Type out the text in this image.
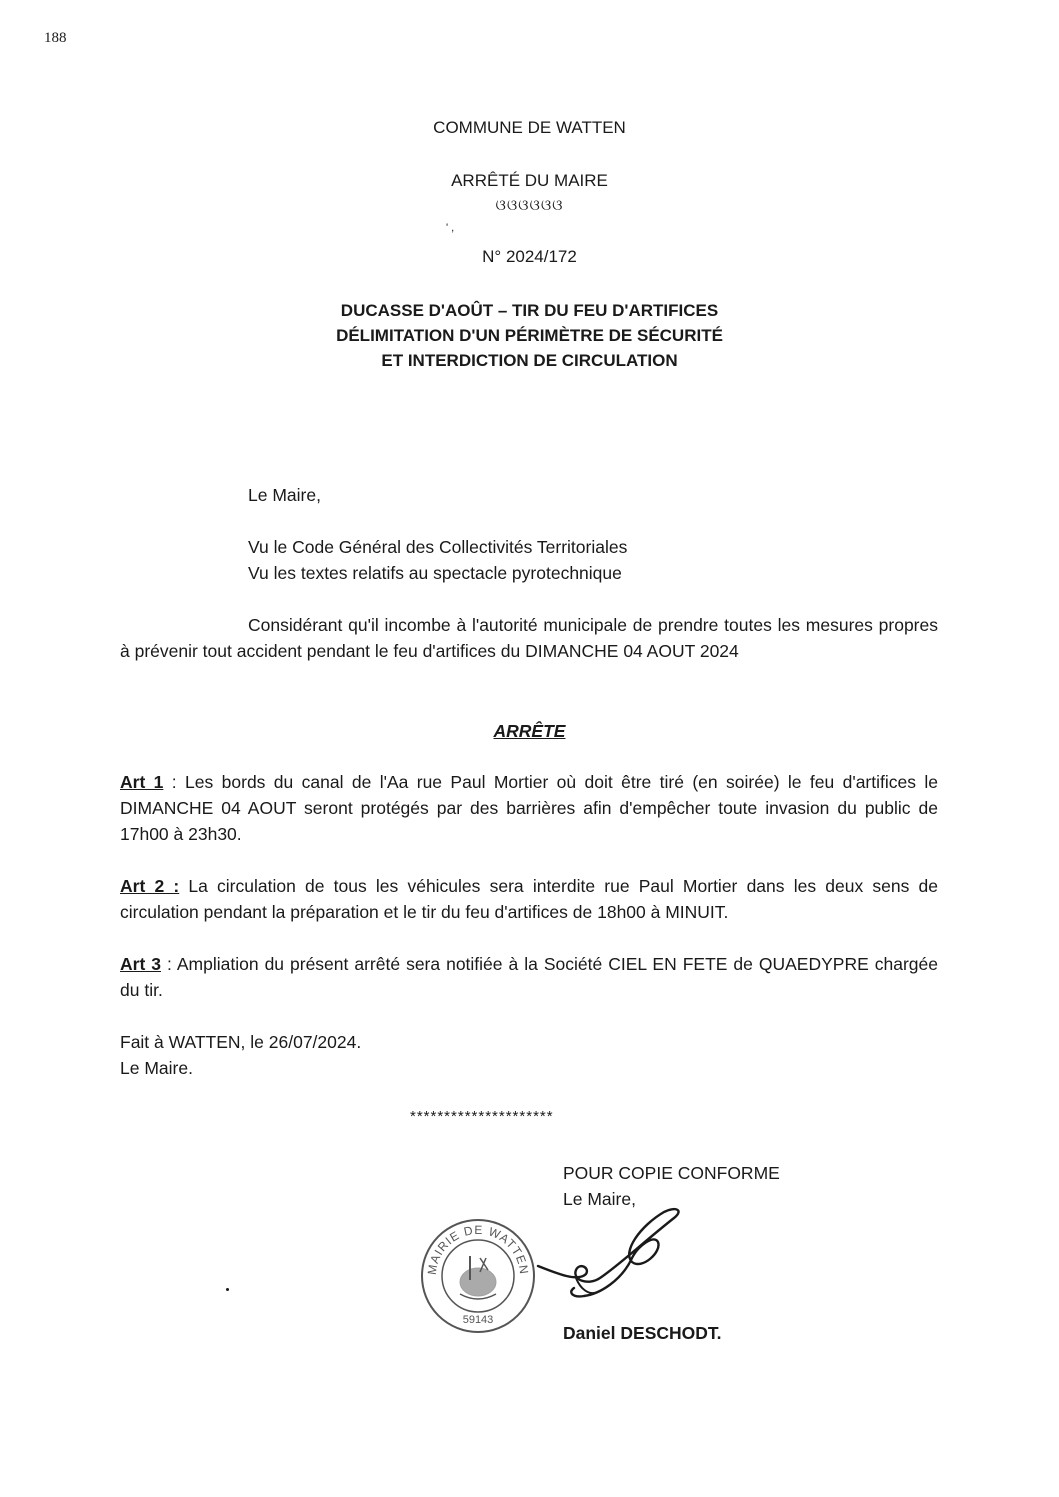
188
COMMUNE DE WATTEN
ARRÊTÉ DU MAIRE
ଓଓଓଓଓଓ
' ,
N° 2024/172
DUCASSE D'AOÛT – TIR DU FEU D'ARTIFICES
DÉLIMITATION D'UN PÉRIMÈTRE DE SÉCURITÉ
ET INTERDICTION DE CIRCULATION
Le Maire,
Vu le Code Général des Collectivités Territoriales
Vu les textes relatifs au spectacle pyrotechnique
Considérant qu'il incombe à l'autorité municipale de prendre toutes les mesures propres à prévenir tout accident pendant le feu d'artifices du DIMANCHE 04 AOUT 2024
ARRÊTE
Art 1 : Les bords du canal de l'Aa rue Paul Mortier où doit être tiré (en soirée) le feu d'artifices le DIMANCHE 04 AOUT seront protégés par des barrières afin d'empêcher toute invasion du public de 17h00 à 23h30.
Art 2 : La circulation de tous les véhicules sera interdite rue Paul Mortier dans les deux sens de circulation pendant la préparation et le tir du feu d'artifices de 18h00 à MINUIT.
Art 3 : Ampliation du présent arrêté sera notifiée à la Société CIEL EN FETE de QUAEDYPRE chargée du tir.
Fait à WATTEN, le 26/07/2024.
Le Maire.
*********************
POUR COPIE CONFORME
Le Maire,
MAIRIE DE WATTEN
59143
Daniel DESCHODT.
